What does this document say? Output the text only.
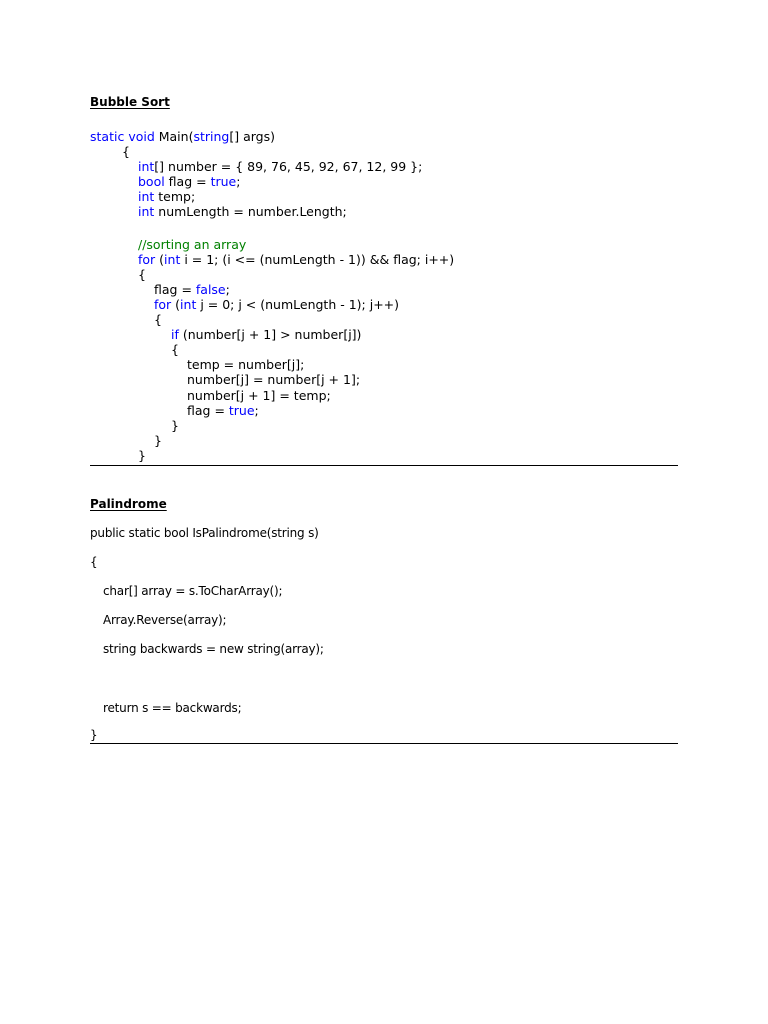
Bubble Sort
static void Main(string[] args)
{
int[] number = { 89, 76, 45, 92, 67, 12, 99 };
bool flag = true;
int temp;
int numLength = number.Length;
//sorting an array
for (int i = 1; (i <= (numLength - 1)) && flag; i++)
{
flag = false;
for (int j = 0; j < (numLength - 1); j++)
{
if (number[j + 1] > number[j])
{
temp = number[j];
number[j] = number[j + 1];
number[j + 1] = temp;
flag = true;
}
}
}
Palindrome
public static bool IsPalindrome(string s)
{
char[] array = s.ToCharArray();
Array.Reverse(array);
string backwards = new string(array);
return s == backwards;
}
